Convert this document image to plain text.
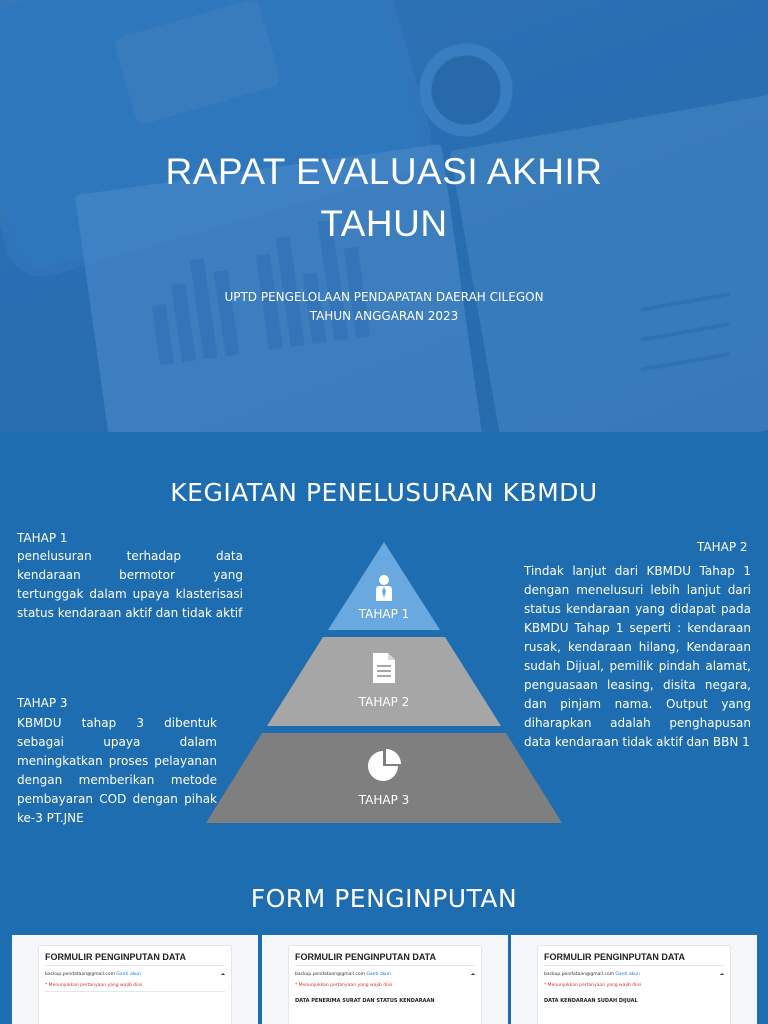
RAPAT EVALUASI AKHIR
TAHUN
UPTD PENGELOLAAN PENDAPATAN DAERAH CILEGON
TAHUN ANGGARAN 2023
KEGIATAN PENELUSURAN KBMDU
TAHAP 1
penelusuran terhadap data kendaraan bermotor yang tertunggak dalam upaya klasterisasi status kendaraan aktif dan tidak aktif
TAHAP 2
Tindak lanjut dari KBMDU Tahap 1 dengan menelusuri lebih lanjut dari status kendaraan yang didapat pada KBMDU Tahap 1 seperti : kendaraan rusak, kendaraan hilang, Kendaraan sudah Dijual, pemilik pindah alamat, penguasaan leasing, disita negara, dan pinjam nama. Output yang diharapkan adalah penghapusan data kendaraan tidak aktif dan BBN 1
TAHAP 3
KBMDU tahap 3 dibentuk sebagai upaya dalam meningkatkan proses pelayanan dengan memberikan metode pembayaran COD dengan pihak ke-3 PT.JNE
TAHAP 1
TAHAP 2
TAHAP 3
FORM PENGINPUTAN
FORMULIR PENGINPUTAN DATA
backup.pendataan@gmail.com Ganti akun	☁
* Menunjukkan pertanyaan yang wajib diisi
FORMULIR PENGINPUTAN DATA
backup.pendataan@gmail.com Ganti akun	☁
* Menunjukkan pertanyaan yang wajib diisi
DATA PENERIMA SURAT DAN STATUS KENDARAAN
FORMULIR PENGINPUTAN DATA
backup.pendataan@gmail.com Ganti akun	☁
* Menunjukkan pertanyaan yang wajib diisi
DATA KENDARAAN SUDAH DIJUAL
